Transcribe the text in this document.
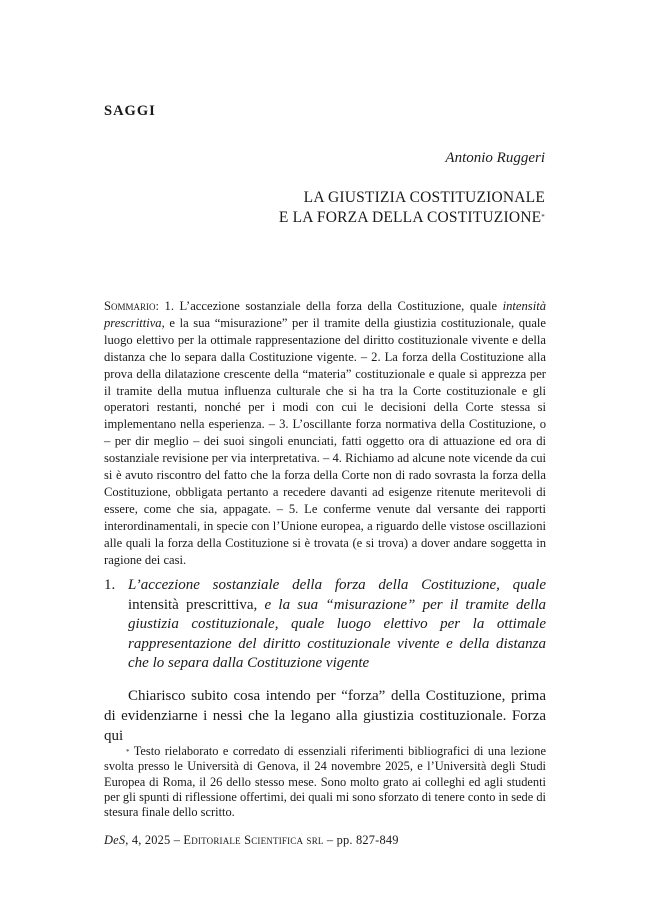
SAGGI
Antonio Ruggeri
LA GIUSTIZIA COSTITUZIONALE
E LA FORZA DELLA COSTITUZIONE*
Sommario: 1. L’accezione sostanziale della forza della Costituzione, quale intensità prescrittiva, e la sua “misurazione” per il tramite della giustizia costituzionale, quale luogo elettivo per la ottimale rappresentazione del diritto costituzionale vivente e della distanza che lo separa dalla Costituzione vigente. – 2. La forza della Costituzione alla prova della dilatazione crescente della “materia” costituzionale e quale si apprezza per il tramite della mutua influenza culturale che si ha tra la Corte costituzionale e gli operatori restanti, nonché per i modi con cui le decisioni della Corte stessa si implementano nella esperienza. – 3. L’oscillante forza normativa della Costituzione, o – per dir meglio – dei suoi singoli enunciati, fatti oggetto ora di attuazione ed ora di sostanziale revisione per via interpretativa. – 4. Richiamo ad alcune note vicende da cui si è avuto riscontro del fatto che la forza della Corte non di rado sovrasta la forza della Costituzione, obbligata pertanto a recedere davanti ad esigenze ritenute meritevoli di essere, come che sia, appagate. – 5. Le conferme venute dal versante dei rapporti interordinamentali, in specie con l’Unione europea, a riguardo delle vistose oscillazioni alle quali la forza della Costituzione si è trovata (e si trova) a dover andare soggetta in ragione dei casi.
1. L’accezione sostanziale della forza della Costituzione, quale intensità prescrittiva, e la sua “misurazione” per il tramite della giustizia costituzionale, quale luogo elettivo per la ottimale rappresentazione del diritto costituzionale vivente e della distanza che lo separa dalla Costituzione vigente
Chiarisco subito cosa intendo per “forza” della Costituzione, prima di evidenziarne i nessi che la legano alla giustizia costituzionale. Forza qui
* Testo rielaborato e corredato di essenziali riferimenti bibliografici di una lezione svolta presso le Università di Genova, il 24 novembre 2025, e l’Università degli Studi Europea di Roma, il 26 dello stesso mese. Sono molto grato ai colleghi ed agli studenti per gli spunti di riflessione offertimi, dei quali mi sono sforzato di tenere conto in sede di stesura finale dello scritto.
DeS, 4, 2025 – Editoriale Scientifica srl – pp. 827-849
